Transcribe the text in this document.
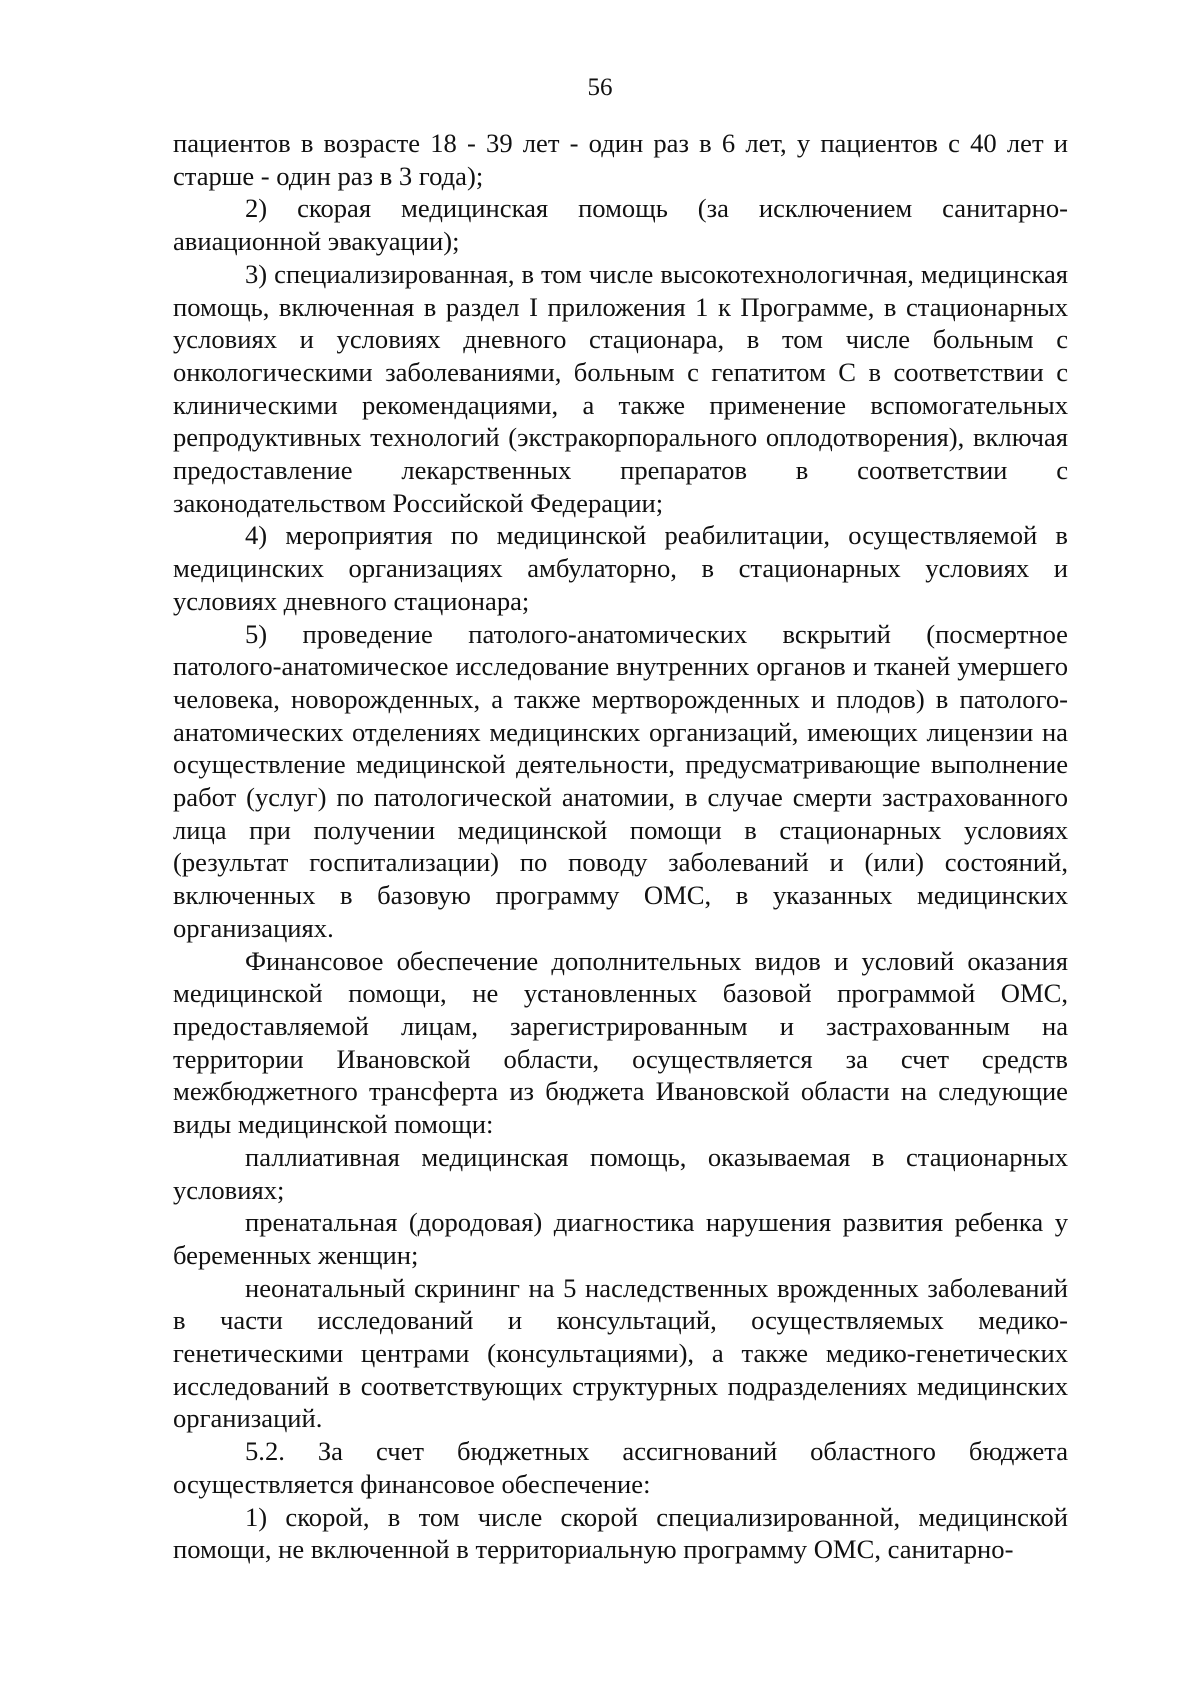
56

пациентов в возрасте 18 - 39 лет - один раз в 6 лет, у пациентов с 40 лет и старше - один раз в 3 года);

2) скорая медицинская помощь (за исключением санитарно-авиационной эвакуации);

3) специализированная, в том числе высокотехнологичная, медицинская помощь, включенная в раздел I приложения 1 к Программе, в стационарных условиях и условиях дневного стационара, в том числе больным с онкологическими заболеваниями, больным с гепатитом С в соответствии с клиническими рекомендациями, а также применение вспомогательных репродуктивных технологий (экстракорпорального оплодотворения), включая предоставление лекарственных препаратов в соответствии с законодательством Российской Федерации;

4) мероприятия по медицинской реабилитации, осуществляемой в медицинских организациях амбулаторно, в стационарных условиях и условиях дневного стационара;

5) проведение патолого-анатомических вскрытий (посмертное патолого-анатомическое исследование внутренних органов и тканей умершего человека, новорожденных, а также мертворожденных и плодов) в патолого-анатомических отделениях медицинских организаций, имеющих лицензии на осуществление медицинской деятельности, предусматривающие выполнение работ (услуг) по патологической анатомии, в случае смерти застрахованного лица при получении медицинской помощи в стационарных условиях (результат госпитализации) по поводу заболеваний и (или) состояний, включенных в базовую программу ОМС, в указанных медицинских организациях.

Финансовое обеспечение дополнительных видов и условий оказания медицинской помощи, не установленных базовой программой ОМС, предоставляемой лицам, зарегистрированным и застрахованным на территории Ивановской области, осуществляется за счет средств межбюджетного трансферта из бюджета Ивановской области на следующие виды медицинской помощи:

паллиативная медицинская помощь, оказываемая в стационарных условиях;

пренатальная (дородовая) диагностика нарушения развития ребенка у беременных женщин;

неонатальный скрининг на 5 наследственных врожденных заболеваний в части исследований и консультаций, осуществляемых медико-генетическими центрами (консультациями), а также медико-генетических исследований в соответствующих структурных подразделениях медицинских организаций.

5.2. За счет бюджетных ассигнований областного бюджета осуществляется финансовое обеспечение:

1) скорой, в том числе скорой специализированной, медицинской помощи, не включенной в территориальную программу ОМС, санитарно-
